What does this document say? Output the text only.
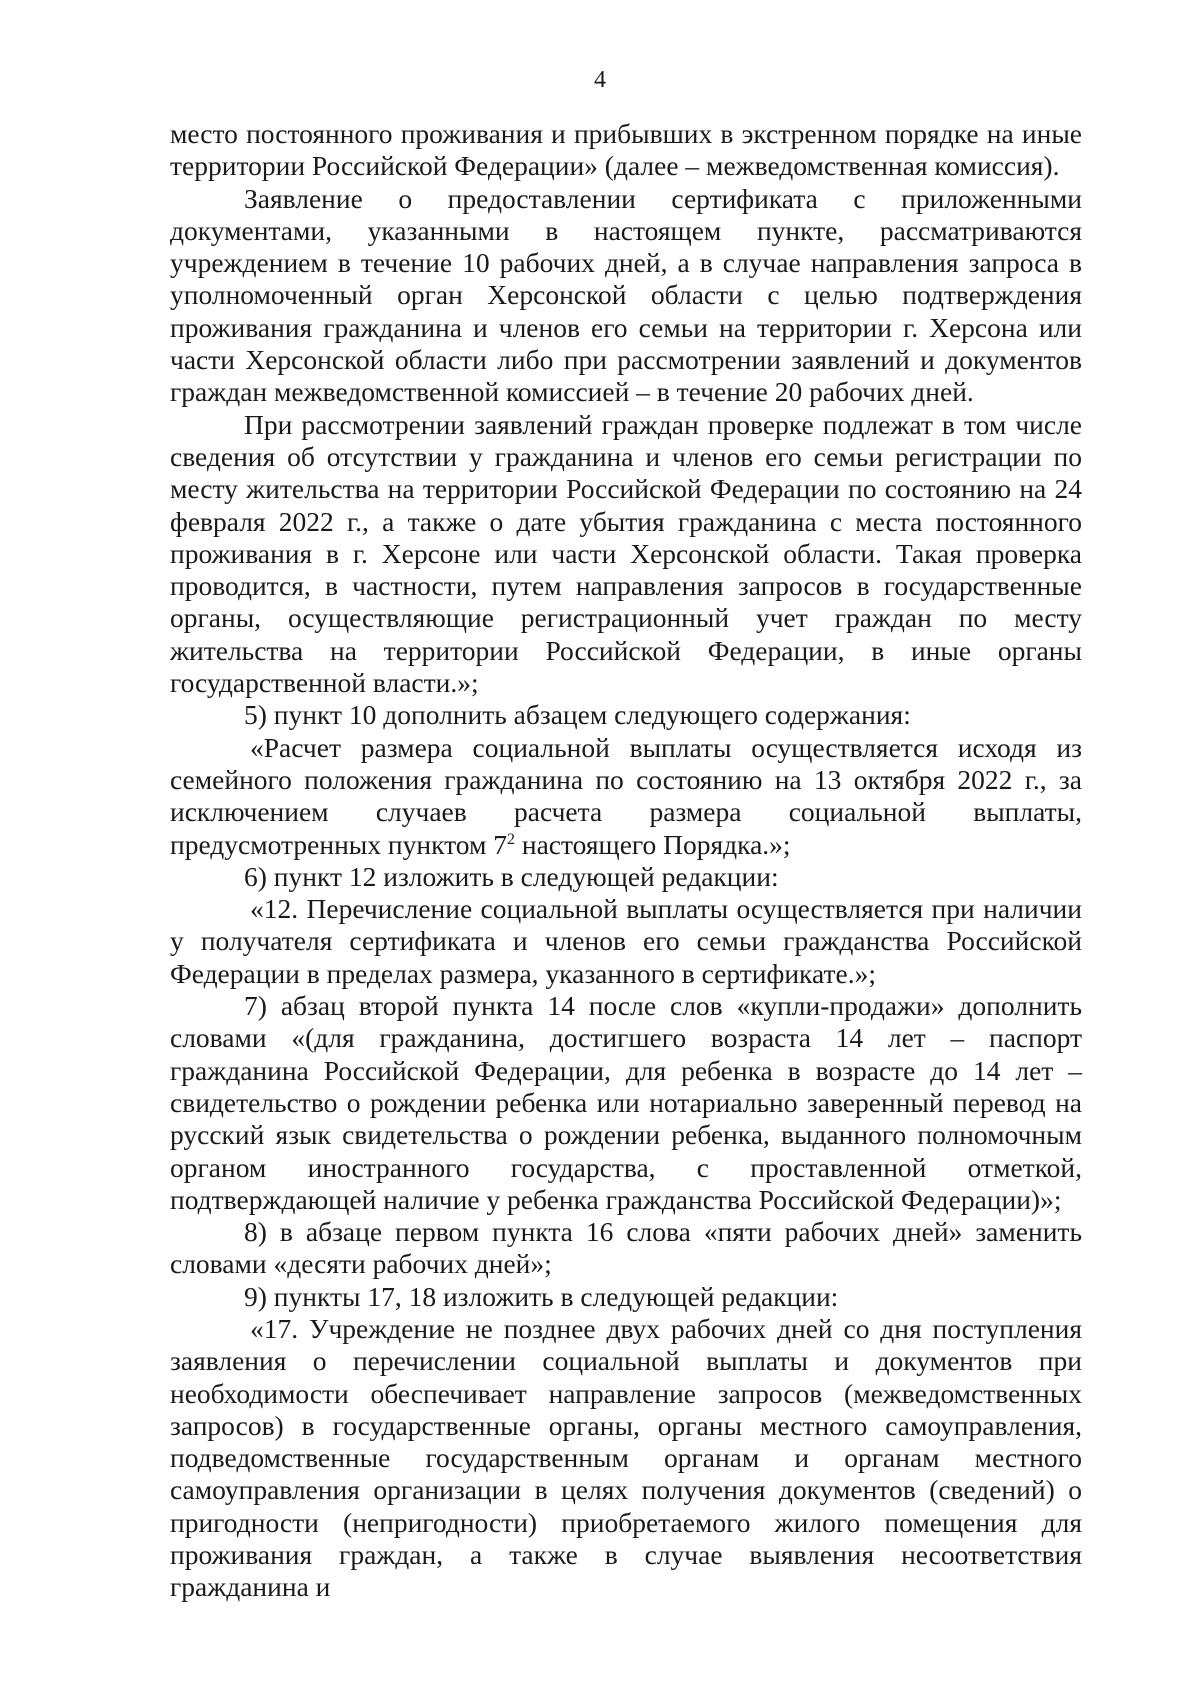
4

место постоянного проживания и прибывших в экстренном порядке на иные территории Российской Федерации» (далее – межведомственная комиссия).

Заявление о предоставлении сертификата с приложенными документами, указанными в настоящем пункте, рассматриваются учреждением в течение 10 рабочих дней, а в случае направления запроса в уполномоченный орган Херсонской области с целью подтверждения проживания гражданина и членов его семьи на территории г. Херсона или части Херсонской области либо при рассмотрении заявлений и документов граждан межведомственной комиссией – в течение 20 рабочих дней.

При рассмотрении заявлений граждан проверке подлежат в том числе сведения об отсутствии у гражданина и членов его семьи регистрации по месту жительства на территории Российской Федерации по состоянию на 24 февраля 2022 г., а также о дате убытия гражданина с места постоянного проживания в г. Херсоне или части Херсонской области. Такая проверка проводится, в частности, путем направления запросов в государственные органы, осуществляющие регистрационный учет граждан по месту жительства на территории Российской Федерации, в иные органы государственной власти.»;

5) пункт 10 дополнить абзацем следующего содержания:

«Расчет размера социальной выплаты осуществляется исходя из семейного положения гражданина по состоянию на 13 октября 2022 г., за исключением случаев расчета размера социальной выплаты, предусмотренных пунктом $7^2$ настоящего Порядка.»;

6) пункт 12 изложить в следующей редакции:

«12. Перечисление социальной выплаты осуществляется при наличии у получателя сертификата и членов его семьи гражданства Российской Федерации в пределах размера, указанного в сертификате.»;

7) абзац второй пункта 14 после слов «купли-продажи» дополнить словами «(для гражданина, достигшего возраста 14 лет – паспорт гражданина Российской Федерации, для ребенка в возрасте до 14 лет – свидетельство о рождении ребенка или нотариально заверенный перевод на русский язык свидетельства о рождении ребенка, выданного полномочным органом иностранного государства, с проставленной отметкой, подтверждающей наличие у ребенка гражданства Российской Федерации)»;

8) в абзаце первом пункта 16 слова «пяти рабочих дней» заменить словами «десяти рабочих дней»;

9) пункты 17, 18 изложить в следующей редакции:

«17. Учреждение не позднее двух рабочих дней со дня поступления заявления о перечислении социальной выплаты и документов при необходимости обеспечивает направление запросов (межведомственных запросов) в государственные органы, органы местного самоуправления, подведомственные государственным органам и органам местного самоуправления организации в целях получения документов (сведений) о пригодности (непригодности) приобретаемого жилого помещения для проживания граждан, а также в случае выявления несоответствия гражданина и
